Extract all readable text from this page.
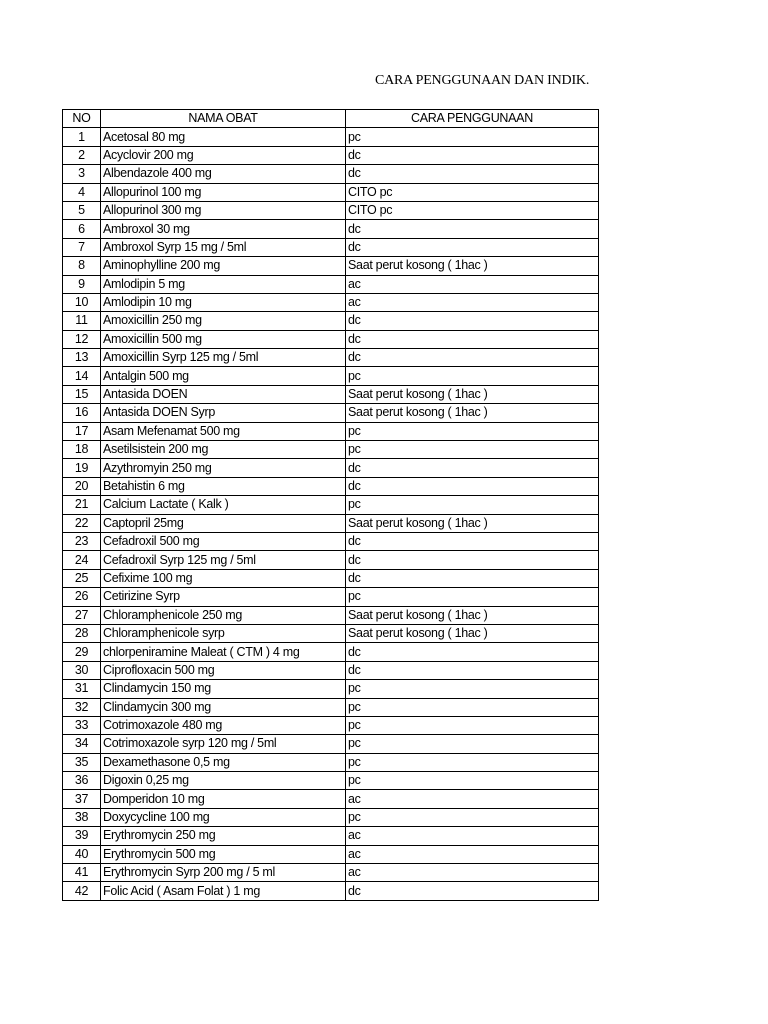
CARA PENGGUNAAN DAN INDIK.
NO	NAMA OBAT	CARA PENGGUNAAN
1	Acetosal 80 mg	pc
2	Acyclovir 200 mg	dc
3	Albendazole 400 mg	dc
4	Allopurinol 100 mg	CITO pc
5	Allopurinol 300 mg	CITO pc
6	Ambroxol 30 mg	dc
7	Ambroxol Syrp 15 mg / 5ml	dc
8	Aminophylline 200 mg	Saat perut kosong ( 1hac )
9	Amlodipin 5 mg	ac
10	Amlodipin 10 mg	ac
11	Amoxicillin 250 mg	dc
12	Amoxicillin 500 mg	dc
13	Amoxicillin Syrp 125 mg / 5ml	dc
14	Antalgin 500 mg	pc
15	Antasida DOEN	Saat perut kosong ( 1hac )
16	Antasida DOEN Syrp	Saat perut kosong ( 1hac )
17	Asam Mefenamat 500 mg	pc
18	Asetilsistein 200 mg	pc
19	Azythromyin 250 mg	dc
20	Betahistin 6 mg	dc
21	Calcium Lactate ( Kalk )	pc
22	Captopril 25mg	Saat perut kosong ( 1hac )
23	Cefadroxil 500 mg	dc
24	Cefadroxil Syrp 125 mg / 5ml	dc
25	Cefixime 100 mg	dc
26	Cetirizine Syrp	pc
27	Chloramphenicole 250 mg	Saat perut kosong ( 1hac )
28	Chloramphenicole syrp	Saat perut kosong ( 1hac )
29	chlorpeniramine Maleat ( CTM ) 4 mg	dc
30	Ciprofloxacin 500 mg	dc
31	Clindamycin 150 mg	pc
32	Clindamycin 300 mg	pc
33	Cotrimoxazole 480 mg	pc
34	Cotrimoxazole syrp 120 mg / 5ml	pc
35	Dexamethasone 0,5 mg	pc
36	Digoxin 0,25 mg	pc
37	Domperidon 10 mg	ac
38	Doxycycline 100 mg	pc
39	Erythromycin 250 mg	ac
40	Erythromycin 500 mg	ac
41	Erythromycin Syrp 200 mg / 5 ml	ac
42	Folic Acid ( Asam Folat ) 1 mg	dc
